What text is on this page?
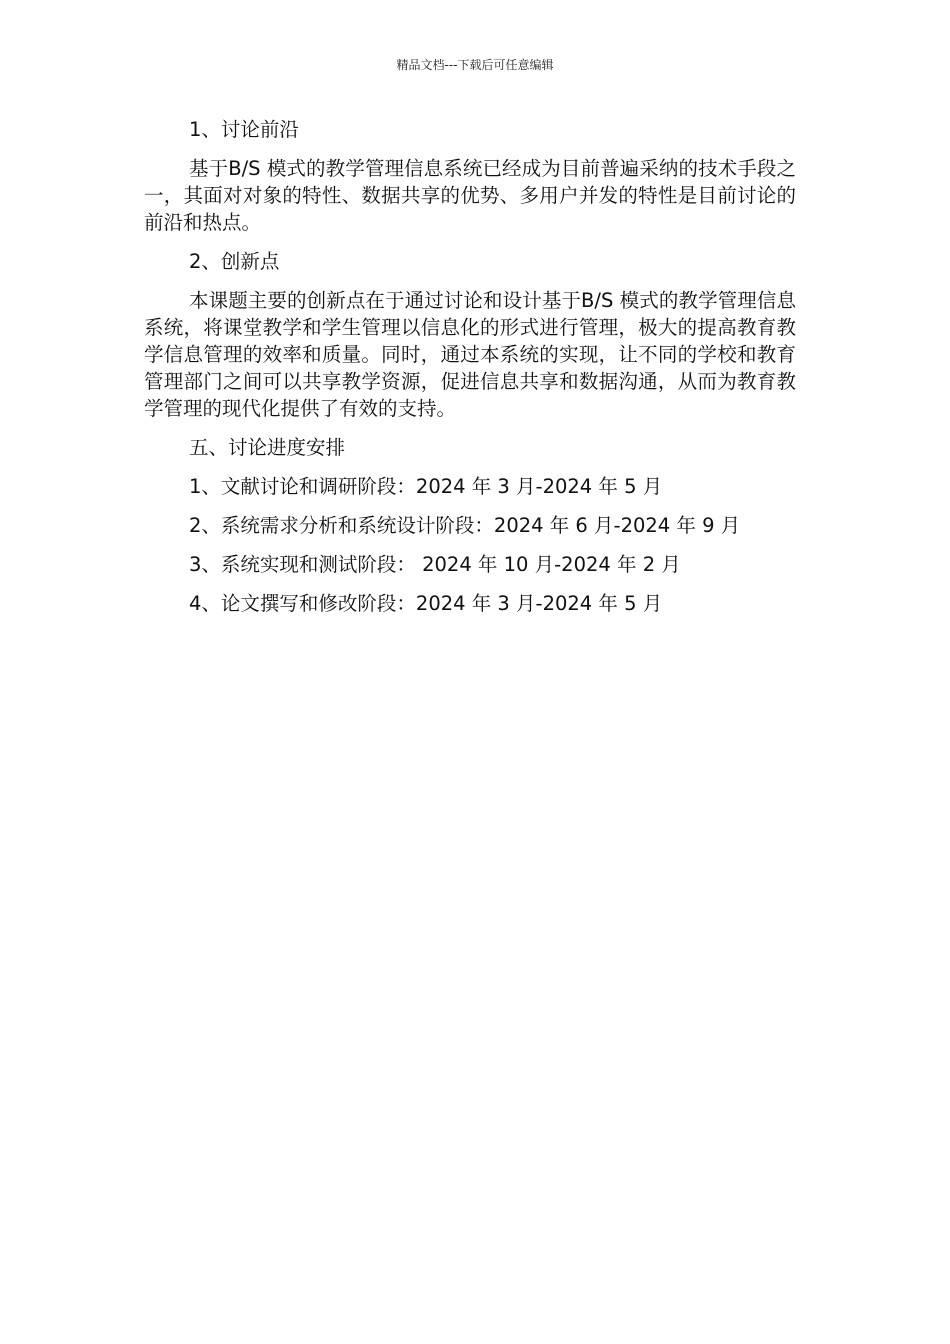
精品文档---下载后可任意编辑

1、讨论前沿

基于B/S 模式的教学管理信息系统已经成为目前普遍采纳的技术手段之一，其面对对象的特性、数据共享的优势、多用户并发的特性是目前讨论的前沿和热点。

2、创新点

本课题主要的创新点在于通过讨论和设计基于B/S 模式的教学管理信息系统，将课堂教学和学生管理以信息化的形式进行管理，极大的提高教育教学信息管理的效率和质量。同时，通过本系统的实现，让不同的学校和教育管理部门之间可以共享教学资源，促进信息共享和数据沟通，从而为教育教学管理的现代化提供了有效的支持。

五、讨论进度安排

1、文献讨论和调研阶段：2024 年 3 月-2024 年 5 月

2、系统需求分析和系统设计阶段：2024 年 6 月-2024 年 9 月

3、系统实现和测试阶段： 2024 年 10 月-2024 年 2 月

4、论文撰写和修改阶段：2024 年 3 月-2024 年 5 月
